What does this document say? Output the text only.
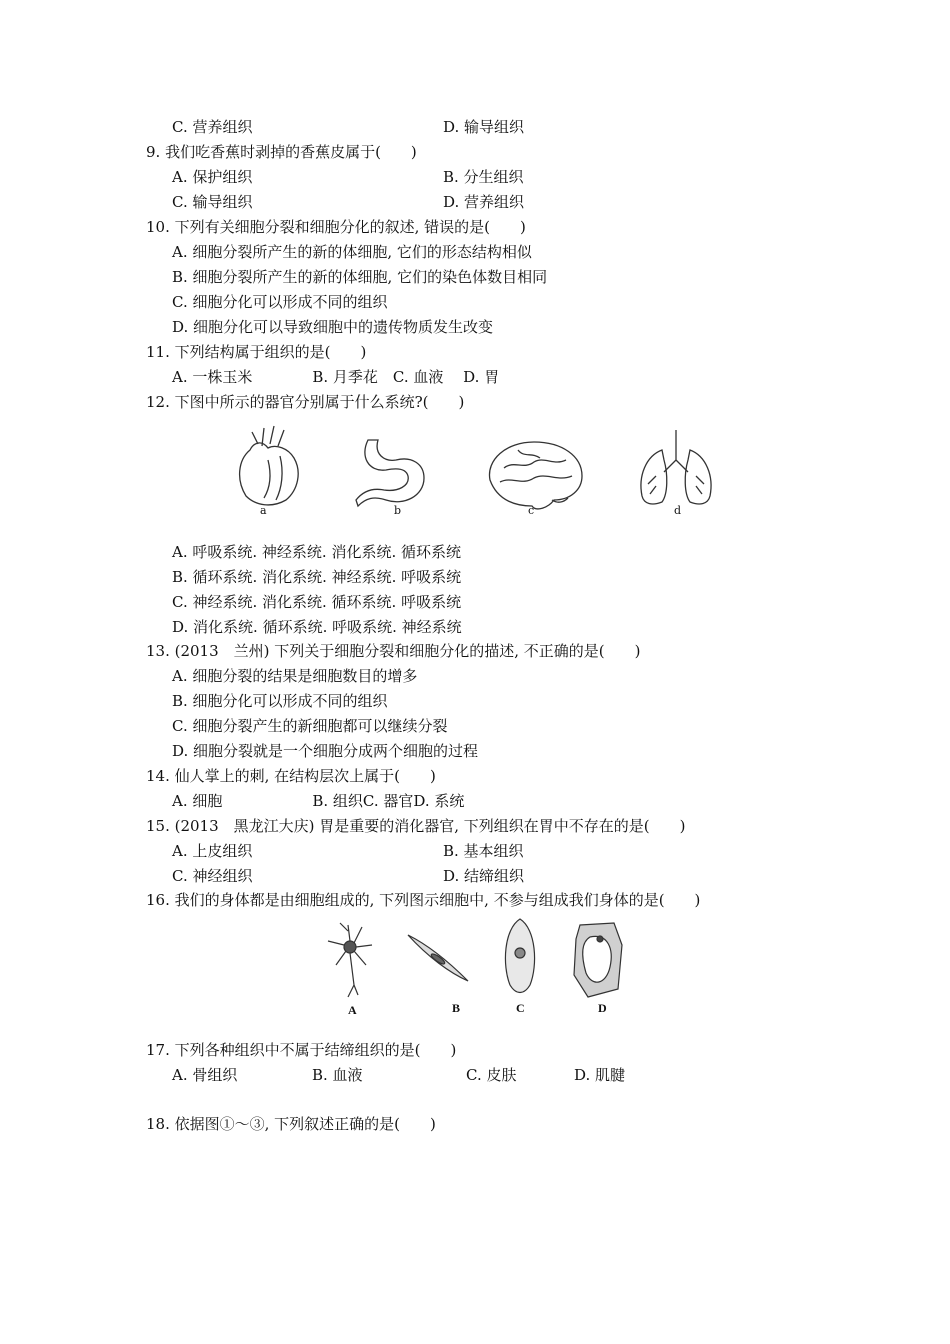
C. 营养组织	D. 输导组织
9. 我们吃香蕉时剥掉的香蕉皮属于(　　)
A. 保护组织	B. 分生组织
C. 输导组织	D. 营养组织
10. 下列有关细胞分裂和细胞分化的叙述, 错误的是(　　)
A. 细胞分裂所产生的新的体细胞, 它们的形态结构相似
B. 细胞分裂所产生的新的体细胞, 它们的染色体数目相同
C. 细胞分化可以形成不同的组织
D. 细胞分化可以导致细胞中的遗传物质发生改变
11. 下列结构属于组织的是(　　)
A. 一株玉米　　　　B. 月季花　C. 血液　 D. 胃
12. 下图中所示的器官分别属于什么系统?(　　)
a	b	c	d
A. 呼吸系统. 神经系统. 消化系统. 循环系统
B. 循环系统. 消化系统. 神经系统. 呼吸系统
C. 神经系统. 消化系统. 循环系统. 呼吸系统
D. 消化系统. 循环系统. 呼吸系统. 神经系统
13. (2013　兰州) 下列关于细胞分裂和细胞分化的描述, 不正确的是(　　)
A. 细胞分裂的结果是细胞数目的增多
B. 细胞分化可以形成不同的组织
C. 细胞分裂产生的新细胞都可以继续分裂
D. 细胞分裂就是一个细胞分成两个细胞的过程
14. 仙人掌上的刺, 在结构层次上属于(　　)
A. 细胞　　　　　　B. 组织C. 器官D. 系统
15. (2013　黑龙江大庆) 胃是重要的消化器官, 下列组织在胃中不存在的是(　　)
A. 上皮组织	B. 基本组织
C. 神经组织	D. 结缔组织
16. 我们的身体都是由细胞组成的, 下列图示细胞中, 不参与组成我们身体的是(　　)
A	B	C	D
17. 下列各种组织中不属于结缔组织的是(　　)
A. 骨组织	B. 血液	C. 皮肤	D. 肌腱
18. 依据图①～③, 下列叙述正确的是(　　)
